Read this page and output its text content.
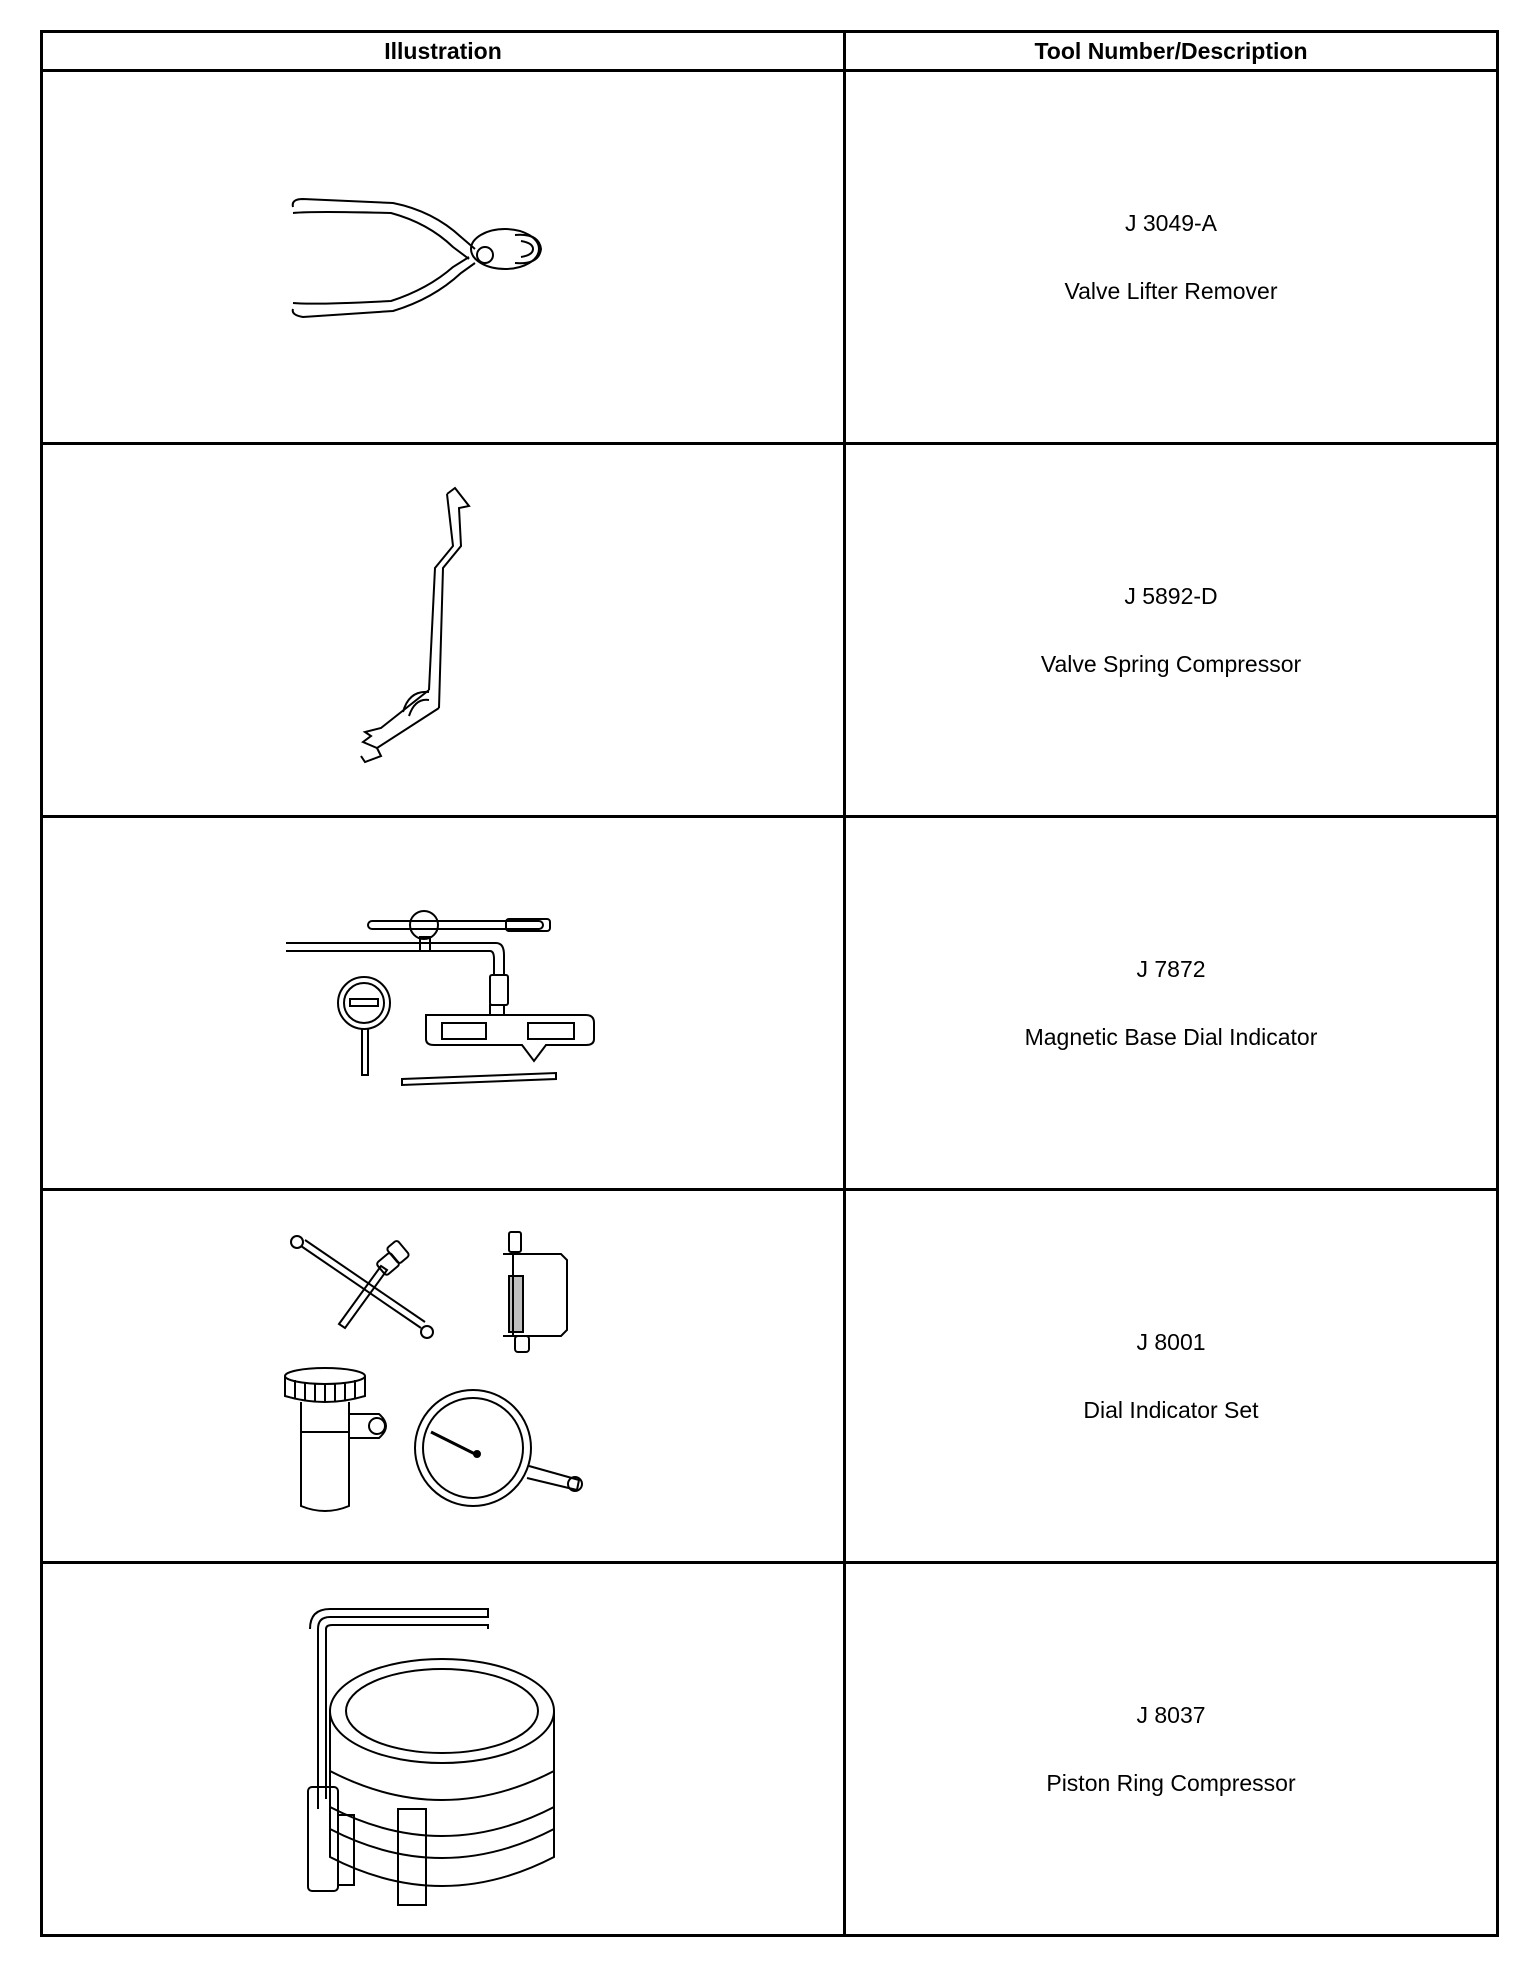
Illustration	Tool Number/Description

J 3049-A
Valve Lifter Remover

J 5892-D
Valve Spring Compressor

J 7872
Magnetic Base Dial Indicator

J 8001
Dial Indicator Set

J 8037
Piston Ring Compressor
